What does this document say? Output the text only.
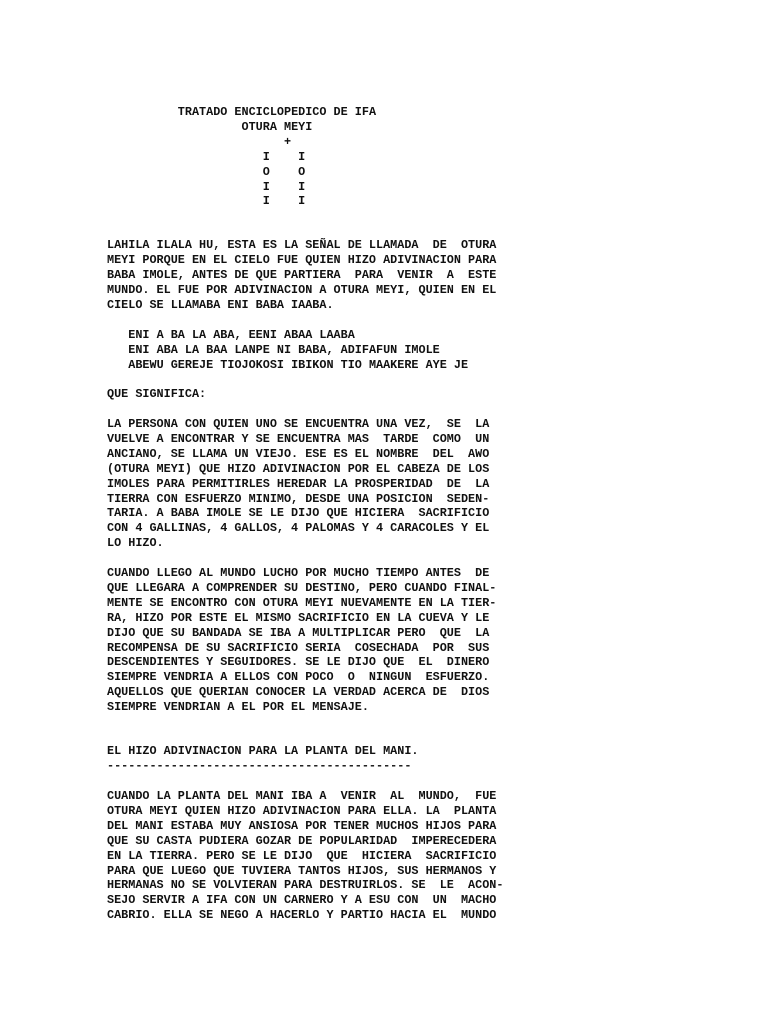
TRATADO ENCICLOPEDICO DE IFA
OTURA MEYI
+
I    I
O    O
I    I
I    I
LAHILA ILALA HU, ESTA ES LA SEÑAL DE LLAMADA  DE  OTURA
MEYI PORQUE EN EL CIELO FUE QUIEN HIZO ADIVINACION PARA
BABA IMOLE, ANTES DE QUE PARTIERA  PARA  VENIR  A  ESTE
MUNDO. EL FUE POR ADIVINACION A OTURA MEYI, QUIEN EN EL
CIELO SE LLAMABA ENI BABA IAABA.
ENI A BA LA ABA, EENI ABAA LAABA
ENI ABA LA BAA LANPE NI BABA, ADIFAFUN IMOLE
ABEWU GEREJE TIOJOKOSI IBIKON TIO MAAKERE AYE JE
QUE SIGNIFICA:
LA PERSONA CON QUIEN UNO SE ENCUENTRA UNA VEZ,  SE  LA
VUELVE A ENCONTRAR Y SE ENCUENTRA MAS  TARDE  COMO  UN
ANCIANO, SE LLAMA UN VIEJO. ESE ES EL NOMBRE  DEL  AWO
(OTURA MEYI) QUE HIZO ADIVINACION POR EL CABEZA DE LOS
IMOLES PARA PERMITIRLES HEREDAR LA PROSPERIDAD  DE  LA
TIERRA CON ESFUERZO MINIMO, DESDE UNA POSICION  SEDEN-
TARIA. A BABA IMOLE SE LE DIJO QUE HICIERA  SACRIFICIO
CON 4 GALLINAS, 4 GALLOS, 4 PALOMAS Y 4 CARACOLES Y EL
LO HIZO.
CUANDO LLEGO AL MUNDO LUCHO POR MUCHO TIEMPO ANTES  DE
QUE LLEGARA A COMPRENDER SU DESTINO, PERO CUANDO FINAL-
MENTE SE ENCONTRO CON OTURA MEYI NUEVAMENTE EN LA TIER-
RA, HIZO POR ESTE EL MISMO SACRIFICIO EN LA CUEVA Y LE
DIJO QUE SU BANDADA SE IBA A MULTIPLICAR PERO  QUE  LA
RECOMPENSA DE SU SACRIFICIO SERIA  COSECHADA  POR  SUS
DESCENDIENTES Y SEGUIDORES. SE LE DIJO QUE  EL  DINERO
SIEMPRE VENDRIA A ELLOS CON POCO  O  NINGUN  ESFUERZO.
AQUELLOS QUE QUERIAN CONOCER LA VERDAD ACERCA DE  DIOS
SIEMPRE VENDRIAN A EL POR EL MENSAJE.
EL HIZO ADIVINACION PARA LA PLANTA DEL MANI.
-------------------------------------------
CUANDO LA PLANTA DEL MANI IBA A  VENIR  AL  MUNDO,  FUE
OTURA MEYI QUIEN HIZO ADIVINACION PARA ELLA. LA  PLANTA
DEL MANI ESTABA MUY ANSIOSA POR TENER MUCHOS HIJOS PARA
QUE SU CASTA PUDIERA GOZAR DE POPULARIDAD  IMPERECEDERA
EN LA TIERRA. PERO SE LE DIJO  QUE  HICIERA  SACRIFICIO
PARA QUE LUEGO QUE TUVIERA TANTOS HIJOS, SUS HERMANOS Y
HERMANAS NO SE VOLVIERAN PARA DESTRUIRLOS. SE  LE  ACON-
SEJO SERVIR A IFA CON UN CARNERO Y A ESU CON  UN  MACHO
CABRIO. ELLA SE NEGO A HACERLO Y PARTIO HACIA EL  MUNDO
